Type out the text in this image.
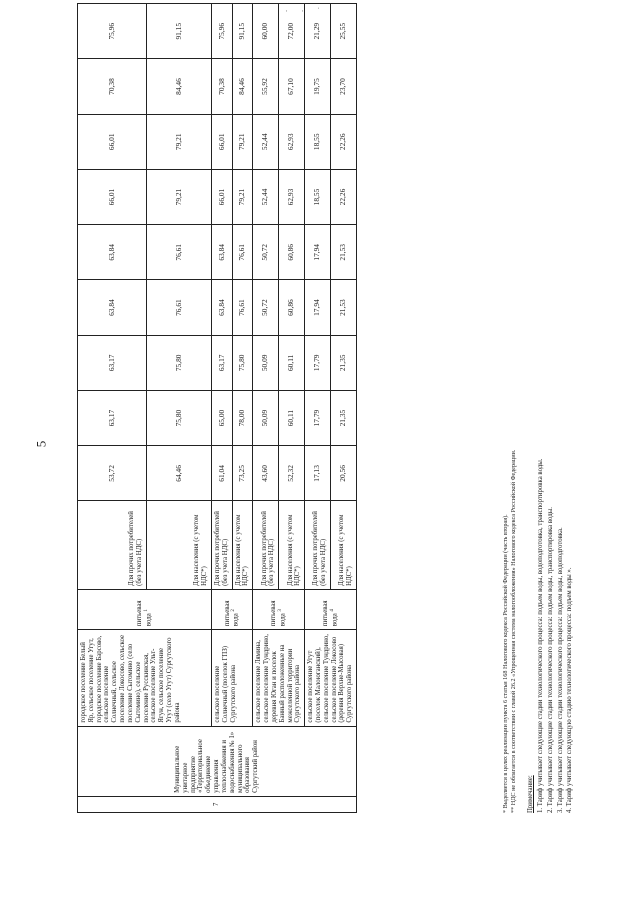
· · ˈ
5
7	Муниципальное унитарное предприятие «Территориальное объединение управления теплоснабжения и водоснабжения № 1» муниципального образования Сургутский район	городское поселение Белый Яр, сельское поселение Угут, городское поселение Барсово, сельское поселение Солнечный, сельское поселение Локосово, сельское поселение Сытомино (село Сытомино), сельское поселение Русскинская, сельское поселение Ульт-Ягун, сельское поселение Угут (село Угут) Сургутского района	питьевая вода $^1$	Для прочих потребителей (без учета НДС)	53,72	63,17	63,17	63,84	63,84	66,01	66,01	70,38	75,96
				Для населения (с учетом НДС*)	64,46	75,80	75,80	76,61	76,61	79,21	79,21	84,46	91,15
		сельское поселение Солнечный (поселок ГПЗ) Сургутского района	питьевая вода $^2$	Для прочих потребителей (без учета НДС)	61,04	65,00	63,17	63,84	63,84	66,01	66,01	70,38	75,96
				Для населения (с учетом НДС*)	73,25	78,00	75,80	76,61	76,61	79,21	79,21	84,46	91,15
		сельское поселение Лямина, сельское поселение Тундрино, деревня Юган и поселок Банный расположенные на межселенной территории Сургутского района	питьевая вода $^3$	Для прочих потребителей (без учета НДС)	43,60	50,09	50,09	50,72	50,72	52,44	52,44	55,92	60,00
				Для населения (с учетом НДС*)	52,32	60,11	60,11	60,86	60,86	62,93	62,93	67,10	72,00
		сельское поселение Угут (поселок Малоюганский), сельское поселение Тундрино, сельское поселение Локосово (деревня Верхне-Мысовая) Сургутского района	питьевая вода $^4$	Для прочих потребителей (без учета НДС)	17,13	17,79	17,79	17,94	17,94	18,55	18,55	19,75	21,29
				Для населения (с учетом НДС*)	20,56	21,35	21,35	21,53	21,53	22,26	22,26	23,70	25,55
* Выделяется в целях реализации пункта 6 статьи 168 Налогового кодекса Российской Федерации (часть вторая). ** НДС не облагается в соответствии с главой 26.2 «Упрощенная система налогообложения» Налогового кодекса Российской Федерации. Примечание: 1. Тариф учитывает следующие стадии технологического процесса: подъем воды, водоподготовка, транспортировка воды. 2. Тариф учитывает следующие стадии технологического процесса: подъем воды, транспортировка воды. 3. Тариф учитывает следующие стадии технологического процесса: подъем воды, водоподготовка. 4. Тариф учитывает следующую стадию технологического процесса: подъем воды ».
